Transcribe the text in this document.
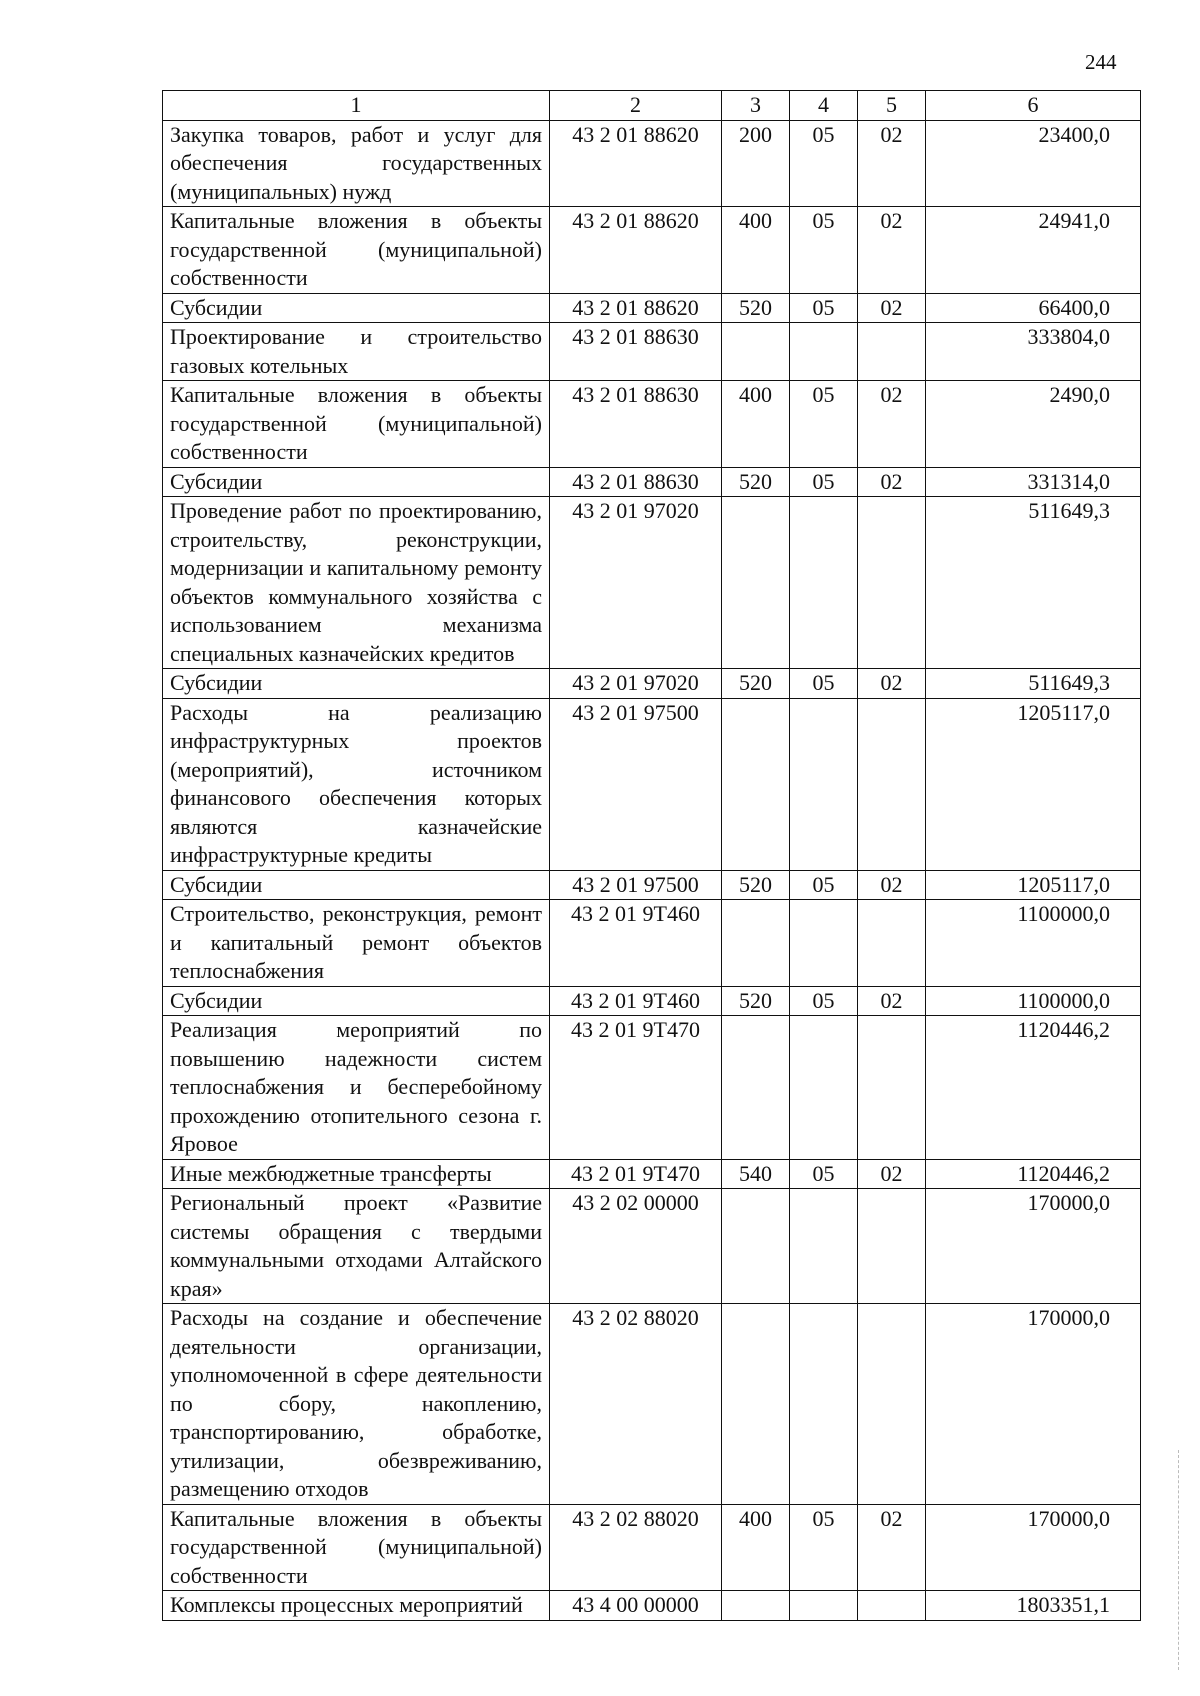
244
1	2	3	4	5	6
Закупка товаров, работ и услуг для обеспечения государственных (муниципальных) нужд	43 2 01 88620	200	05	02	23400,0
Капитальные вложения в объекты государственной (муниципальной) собственности	43 2 01 88620	400	05	02	24941,0
Субсидии	43 2 01 88620	520	05	02	66400,0
Проектирование и строительство газовых котельных	43 2 01 88630				333804,0
Капитальные вложения в объекты государственной (муниципальной) собственности	43 2 01 88630	400	05	02	2490,0
Субсидии	43 2 01 88630	520	05	02	331314,0
Проведение работ по проектированию, строительству, реконструкции, модернизации и капитальному ремонту объектов коммунального хозяйства с использованием механизма специальных казначейских кредитов	43 2 01 97020				511649,3
Субсидии	43 2 01 97020	520	05	02	511649,3
Расходы на реализацию инфраструктурных проектов (мероприятий), источником финансового обеспечения которых являются казначейские инфраструктурные кредиты	43 2 01 97500				1205117,0
Субсидии	43 2 01 97500	520	05	02	1205117,0
Строительство, реконструкция, ремонт и капитальный ремонт объектов теплоснабжения	43 2 01 9Т460				1100000,0
Субсидии	43 2 01 9Т460	520	05	02	1100000,0
Реализация мероприятий по повышению надежности систем теплоснабжения и бесперебойному прохождению отопительного сезона г. Яровое	43 2 01 9Т470				1120446,2
Иные межбюджетные трансферты	43 2 01 9Т470	540	05	02	1120446,2
Региональный проект «Развитие системы обращения с твердыми коммунальными отходами Алтайского края»	43 2 02 00000				170000,0
Расходы на создание и обеспечение деятельности организации, уполномоченной в сфере деятельности по сбору, накоплению, транспортированию, обработке, утилизации, обезвреживанию, размещению отходов	43 2 02 88020				170000,0
Капитальные вложения в объекты государственной (муниципальной) собственности	43 2 02 88020	400	05	02	170000,0
Комплексы процессных мероприятий	43 4 00 00000				1803351,1
